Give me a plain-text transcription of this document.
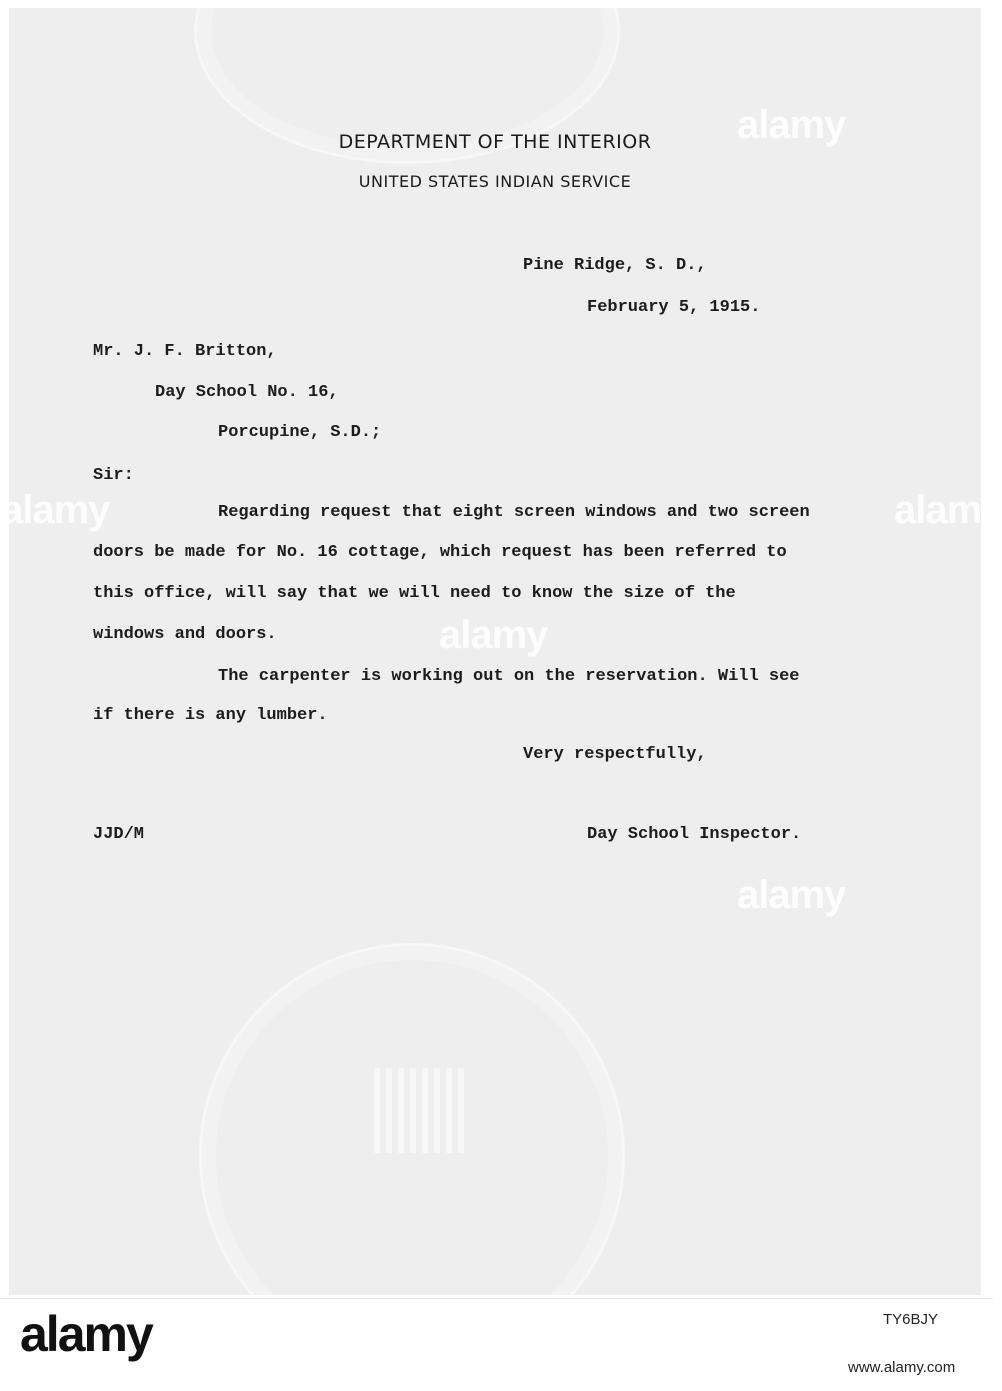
alamy
alamy
alamy
alamy
alamy
DEPARTMENT OF THE INTERIOR
UNITED STATES INDIAN SERVICE
Pine Ridge, S. D.,
February 5, 1915.
Mr. J. F. Britton,
Day School No. 16,
Porcupine, S.D.;
Sir:
Regarding request that eight screen windows and two screen
doors be made for No. 16 cottage, which request has been referred to
this office, will say that we will need to know the size of the
windows and doors.
The carpenter is working out on the reservation. Will see
if there is any lumber.
Very respectfully,
JJD/M	Day School Inspector.
alamy	TY6BJY
www.alamy.com
